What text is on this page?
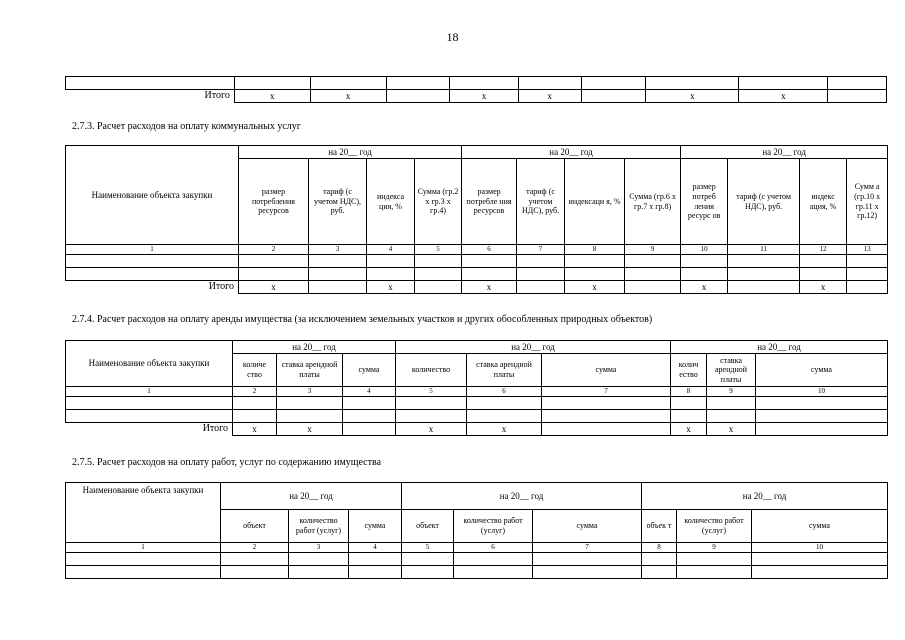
18

Итого	х	х		х	х		х	х	
2.7.3. Расчет расходов на оплату коммунальных услуг
Наименование объекта закупки	на 20__ год				на 20__ год				на 20__ год			
	размер потребления ресурсов	тариф (с учетом НДС), руб.	индекса ция, %	Сумма (гр.2 х гр.3 х гр.4)	размер потребле ния ресурсов	тариф (с учетом НДС), руб.	индексаци я, %	Сумма (гр.6 х гр.7 х гр.8)	размер потреб ления ресурс ов	тариф (с учетом НДС), руб.	индекс ация, %	Сумм а (гр.10 х гр.11 х гр.12)
1	2	3	4	5	6	7	8	9	10	11	12	13

Итого	х		х		х		х		х		х	
2.7.4. Расчет расходов на оплату аренды имущества (за исключением земельных участков и других обособленных природных объектов)
Наименование объекта закупки	на 20__ год			на 20__ год			на 20__ год		
	количе ство	ставка арендной платы	сумма	количество	ставка арендной платы	сумма	колич ество	ставка арендной платы	сумма
1	2	3	4	5	6	7	8	9	10

Итого	х	х		х	х		х	х	
2.7.5. Расчет расходов на оплату работ, услуг по содержанию имущества
Наименование объекта закупки	на 20__ год			на 20__ год			на 20__ год		
	объект	количество работ (услуг)	сумма	объект	количество работ (услуг)	сумма	объек т	количество работ (услуг)	сумма
1	2	3	4	5	6	7	8	9	10
